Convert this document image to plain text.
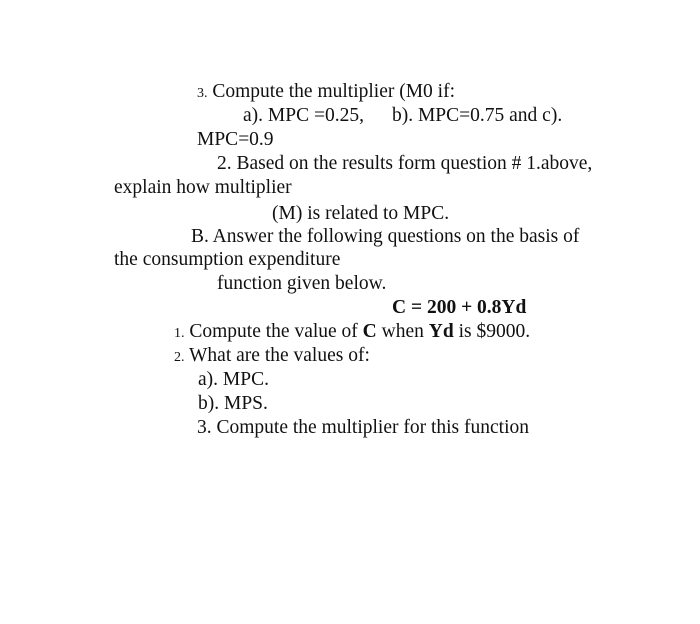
3. Compute the multiplier (M0 if:
a). MPC =0.25, b). MPC=0.75 and c).
MPC=0.9
2. Based on the results form question # 1.above,
explain how multiplier
(M) is related to MPC.
B. Answer the following questions on the basis of
the consumption expenditure
function given below.
C = 200 + 0.8Yd
1. Compute the value of C when Yd is $9000.
2. What are the values of:
a). MPC.
b). MPS.
3. Compute the multiplier for this function
